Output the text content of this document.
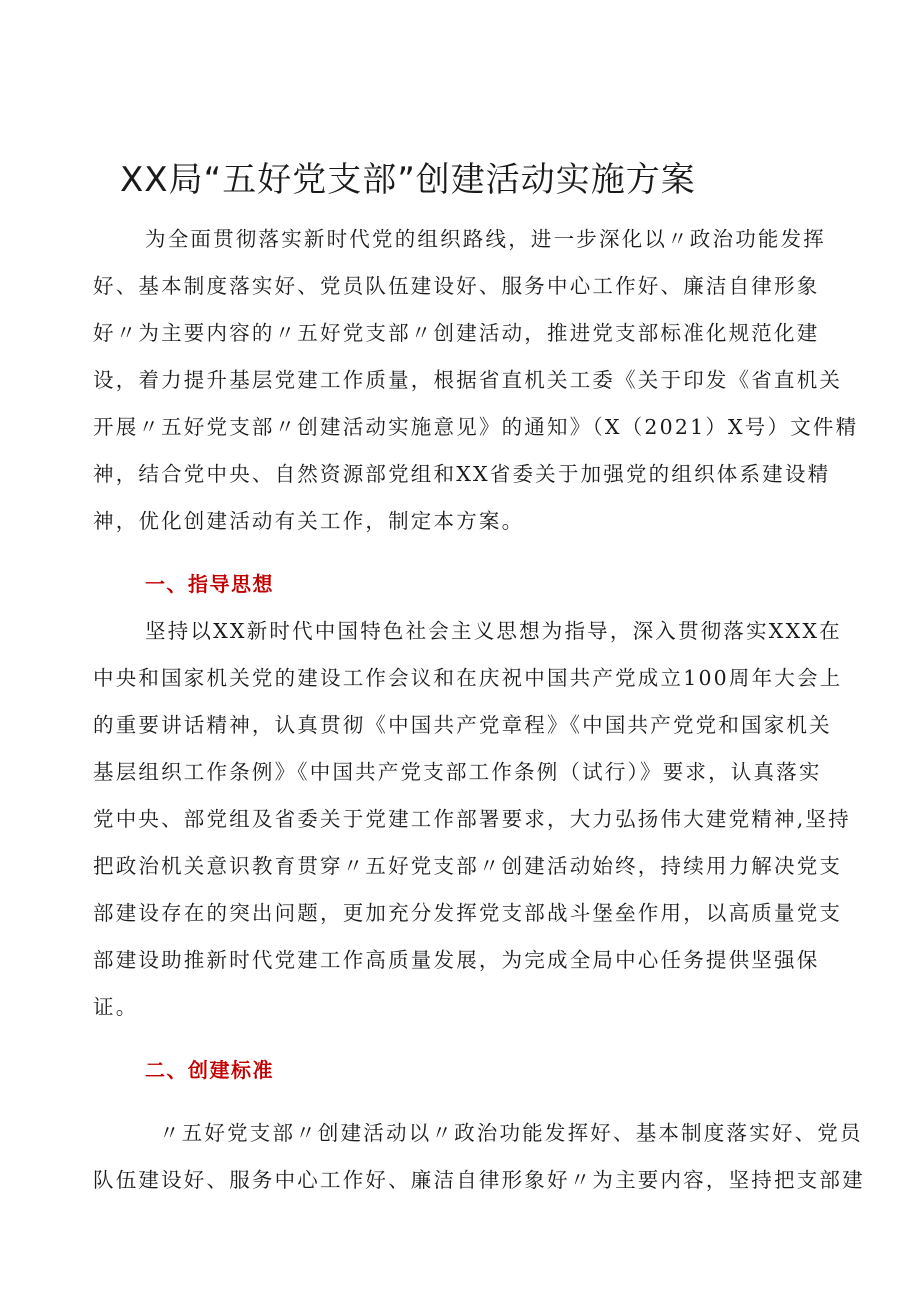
XX局“五好党支部”创建活动实施方案
为全面贯彻落实新时代党的组织路线，进一步深化以〃政治功能发挥
好、基本制度落实好、党员队伍建设好、服务中心工作好、廉洁自律形象
好〃为主要内容的〃五好党支部〃创建活动，推进党支部标准化规范化建
设，着力提升基层党建工作质量，根据省直机关工委《关于印发《省直机关
开展〃五好党支部〃创建活动实施意见》的通知》（X（2021）X号）文件精
神，结合党中央、自然资源部党组和XX省委关于加强党的组织体系建设精
神，优化创建活动有关工作，制定本方案。
一、指导思想
坚持以XX新时代中国特色社会主义思想为指导，深入贯彻落实XXX在
中央和国家机关党的建设工作会议和在庆祝中国共产党成立100周年大会上
的重要讲话精神，认真贯彻《中国共产党章程》《中国共产党党和国家机关
基层组织工作条例》《中国共产党支部工作条例（试行）》要求，认真落实
党中央、部党组及省委关于党建工作部署要求，大力弘扬伟大建党精神,坚持
把政治机关意识教育贯穿〃五好党支部〃创建活动始终，持续用力解决党支
部建设存在的突出问题，更加充分发挥党支部战斗堡垒作用，以高质量党支
部建设助推新时代党建工作高质量发展，为完成全局中心任务提供坚强保
证。
二、创建标准
〃五好党支部〃创建活动以〃政治功能发挥好、基本制度落实好、党员
队伍建设好、服务中心工作好、廉洁自律形象好〃为主要内容，坚持把支部建
